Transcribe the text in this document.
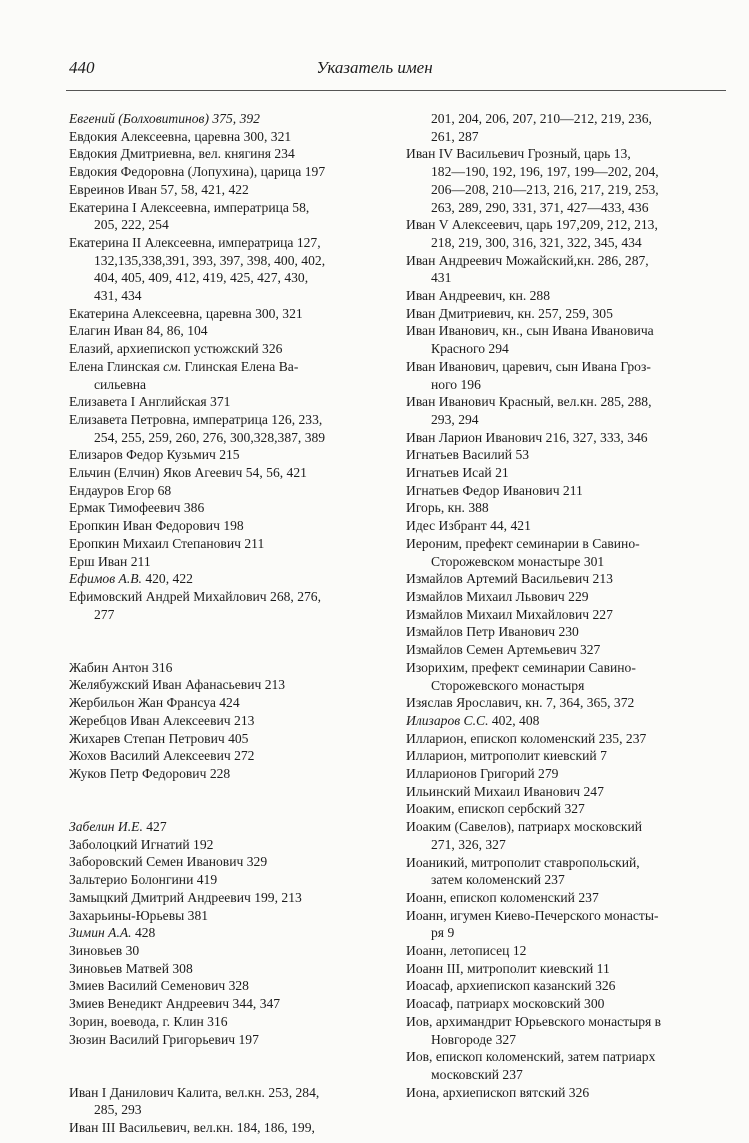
440	Указатель имен
Евгений (Болховитинов) 375, 392
Евдокия Алексеевна, царевна 300, 321
Евдокия Дмитриевна, вел. княгиня 234
Евдокия Федоровна (Лопухина), царица 197
Евреинов Иван 57, 58, 421, 422
Екатерина I Алексеевна, императрица 58,
205, 222, 254
Екатерина II Алексеевна, императрица 127,
132,135,338,391, 393, 397, 398, 400, 402,
404, 405, 409, 412, 419, 425, 427, 430,
431, 434
Екатерина Алексеевна, царевна 300, 321
Елагин Иван 84, 86, 104
Елазий, архиепископ устюжский 326
Елена Глинская см. Глинская Елена Ва-
сильевна
Елизавета I Английская 371
Елизавета Петровна, императрица 126, 233,
254, 255, 259, 260, 276, 300,328,387, 389
Елизаров Федор Кузьмич 215
Ельчин (Елчин) Яков Агеевич 54, 56, 421
Ендауров Егор 68
Ермак Тимофеевич 386
Еропкин Иван Федорович 198
Еропкин Михаил Степанович 211
Ерш Иван 211
Ефимов А.В. 420, 422
Ефимовский Андрей Михайлович 268, 276,
277
Жабин Антон 316
Желябужский Иван Афанасьевич 213
Жербильон Жан Франсуа 424
Жеребцов Иван Алексеевич 213
Жихарев Степан Петрович 405
Жохов Василий Алексеевич 272
Жуков Петр Федорович 228
Забелин И.Е. 427
Заболоцкий Игнатий 192
Заборовский Семен Иванович 329
Зальтерио Болонгини 419
Замыцкий Дмитрий Андреевич 199, 213
Захарьины-Юрьевы 381
Зимин А.А. 428
Зиновьев 30
Зиновьев Матвей 308
Змиев Василий Семенович 328
Змиев Венедикт Андреевич 344, 347
Зорин, воевода, г. Клин 316
Зюзин Василий Григорьевич 197
Иван I Данилович Калита, вел.кн. 253, 284,
285, 293
Иван III Васильевич, вел.кн. 184, 186, 199,
201, 204, 206, 207, 210—212, 219, 236,
261, 287
Иван IV Васильевич Грозный, царь 13,
182—190, 192, 196, 197, 199—202, 204,
206—208, 210—213, 216, 217, 219, 253,
263, 289, 290, 331, 371, 427—433, 436
Иван V Алексеевич, царь 197,209, 212, 213,
218, 219, 300, 316, 321, 322, 345, 434
Иван Андреевич Можайский,кн. 286, 287,
431
Иван Андреевич, кн. 288
Иван Дмитриевич, кн. 257, 259, 305
Иван Иванович, кн., сын Ивана Ивановича
Красного 294
Иван Иванович, царевич, сын Ивана Гроз-
ного 196
Иван Иванович Красный, вел.кн. 285, 288,
293, 294
Иван Ларион Иванович 216, 327, 333, 346
Игнатьев Василий 53
Игнатьев Исай 21
Игнатьев Федор Иванович 211
Игорь, кн. 388
Идес Избрант 44, 421
Иероним, префект семинарии в Савино-
Сторожевском монастыре 301
Измайлов Артемий Васильевич 213
Измайлов Михаил Львович 229
Измайлов Михаил Михайлович 227
Измайлов Петр Иванович 230
Измайлов Семен Артемьевич 327
Изорихим, префект семинарии Савино-
Сторожевского монастыря
Изяслав Ярославич, кн. 7, 364, 365, 372
Илизаров С.С. 402, 408
Илларион, епископ коломенский 235, 237
Илларион, митрополит киевский 7
Илларионов Григорий 279
Ильинский Михаил Иванович 247
Иоаким, епископ сербский 327
Иоаким (Савелов), патриарх московский
271, 326, 327
Иоаникий, митрополит ставропольский,
затем коломенский 237
Иоанн, епископ коломенский 237
Иоанн, игумен Киево-Печерского монасты-
ря 9
Иоанн, летописец 12
Иоанн III, митрополит киевский 11
Иоасаф, архиепископ казанский 326
Иоасаф, патриарх московский 300
Иов, архимандрит Юрьевского монастыря в
Новгороде 327
Иов, епископ коломенский, затем патриарх
московский 237
Иона, архиепископ вятский 326
